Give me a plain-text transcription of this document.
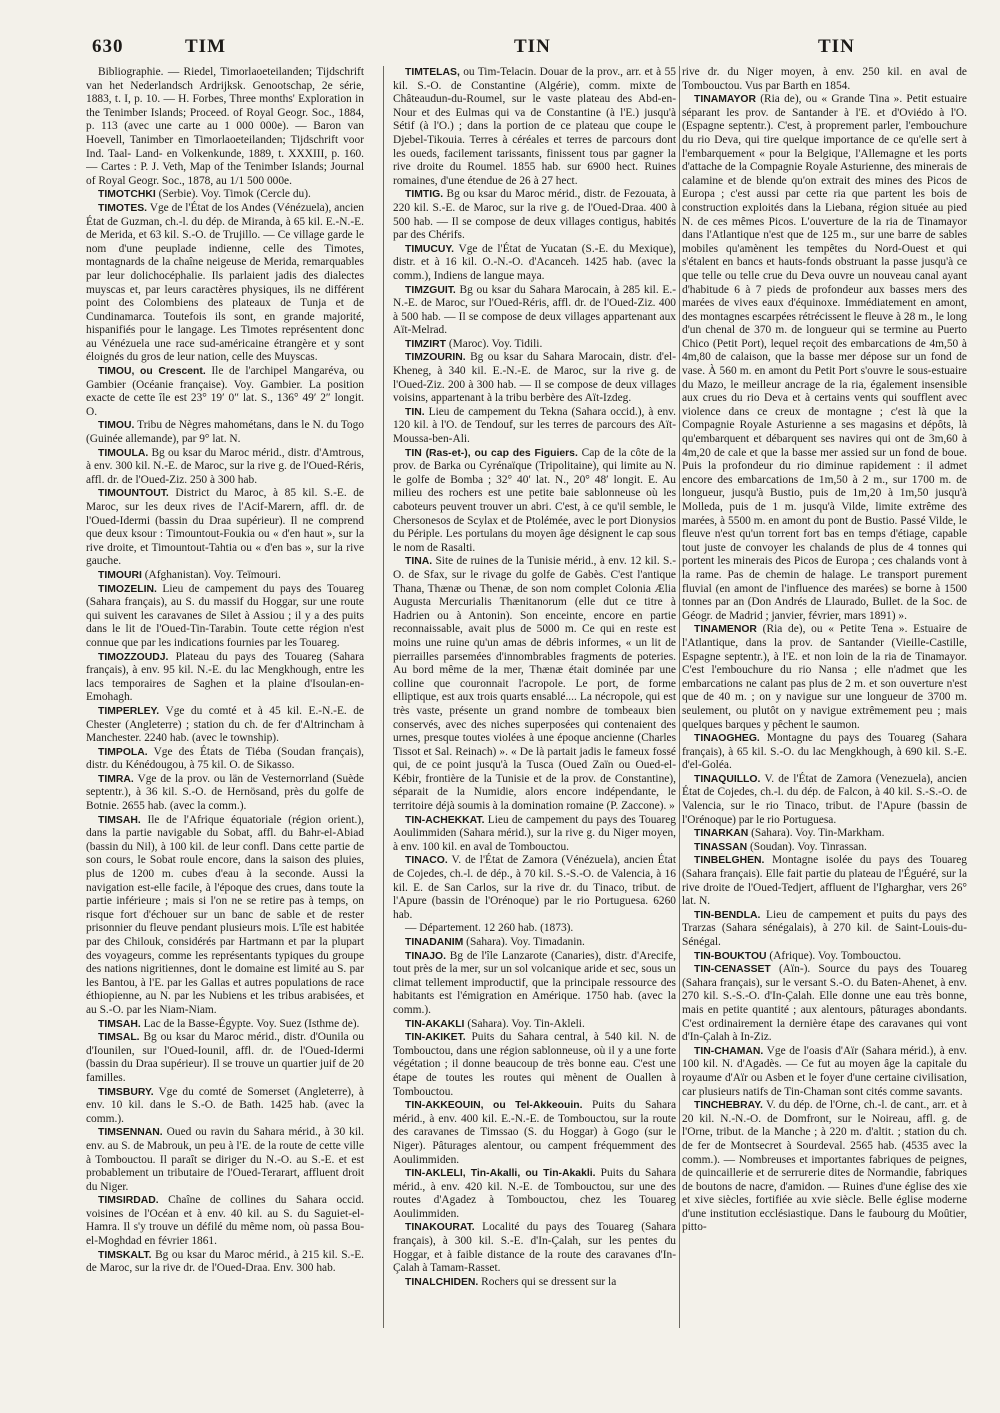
630	TIM	TIN	TIN

Bibliographie. — Riedel, Timorlaoeteilanden; Tijdschrift van het Nederlandsch Ardrijksk. Genootschap, 2e série, 1883, t. I, p. 10. — H. Forbes, Three months' Exploration in the Tenimber Islands; Proceed. of Royal Geogr. Soc., 1884, p. 113 (avec une carte au 1 000 000e). — Baron van Hoevell, Tanimber en Timorlaoeteilanden; Tijdschrift voor Ind. Taal- Land- en Volkenkunde, 1889, t. XXXIII, p. 160. — Cartes : P. J. Veth, Map of the Tenimber Islands; Journal of Royal Geogr. Soc., 1878, au 1/1 500 000e.

TIMOTCHKI (Serbie). Voy. Timok (Cercle du).

TIMOTES. Vge de l'État de los Andes (Vénézuela), ancien État de Guzman, ch.-l. du dép. de Miranda, à 65 kil. E.-N.-E. de Merida, et 63 kil. S.-O. de Trujillo. — Ce village garde le nom d'une peuplade indienne, celle des Timotes, montagnards de la chaîne neigeuse de Merida, remarquables par leur dolichocéphalie. Ils parlaient jadis des dialectes muyscas et, par leurs caractères physiques, ils ne différent point des Colombiens des plateaux de Tunja et de Cundinamarca. Toutefois ils sont, en grande majorité, hispanifiés pour le langage. Les Timotes représentent donc au Vénézuela une race sud-américaine étrangère et y sont éloignés du gros de leur nation, celle des Muyscas.

TIMOU, ou Crescent. Ile de l'archipel Mangaréva, ou Gambier (Océanie française). Voy. Gambier. La position exacte de cette île est 23° 19′ 0″ lat. S., 136° 49′ 2″ longit. O.

TIMOU. Tribu de Nègres mahométans, dans le N. du Togo (Guinée allemande), par 9° lat. N.

TIMOULA. Bg ou ksar du Maroc mérid., distr. d'Amtrous, à env. 300 kil. N.-E. de Maroc, sur la rive g. de l'Oued-Réris, affl. dr. de l'Oued-Ziz. 250 à 300 hab.

TIMOUNTOUT. District du Maroc, à 85 kil. S.-E. de Maroc, sur les deux rives de l'Acif-Marern, affl. dr. de l'Oued-Idermi (bassin du Draa supérieur). Il ne comprend que deux ksour : Timountout-Foukia ou « d'en haut », sur la rive droite, et Timountout-Tahtia ou « d'en bas », sur la rive gauche.

TIMOURI (Afghanistan). Voy. Teïmouri.

TIMOZELIN. Lieu de campement du pays des Touareg (Sahara français), au S. du massif du Hoggar, sur une route qui suivent les caravanes de Silet à Assiou ; il y a des puits dans le lit de l'Oued-Tin-Tarabin. Toute cette région n'est connue que par les indications fournies par les Touareg.

TIMOZZOUDJ. Plateau du pays des Touareg (Sahara français), à env. 95 kil. N.-E. du lac Mengkhough, entre les lacs temporaires de Saghen et la plaine d'Isoulan-en-Emohagh.

TIMPERLEY. Vge du comté et à 45 kil. E.-N.-E. de Chester (Angleterre) ; station du ch. de fer d'Altrincham à Manchester. 2240 hab. (avec le township).

TIMPOLA. Vge des États de Tiéba (Soudan français), distr. du Kénédougou, à 75 kil. O. de Sikasso.

TIMRA. Vge de la prov. ou län de Vesternorrland (Suède septentr.), à 36 kil. S.-O. de Hernösand, près du golfe de Botnie. 2655 hab. (avec la comm.).

TIMSAH. Ile de l'Afrique équatoriale (région orient.), dans la partie navigable du Sobat, affl. du Bahr-el-Abiad (bassin du Nil), à 100 kil. de leur confl. Dans cette partie de son cours, le Sobat roule encore, dans la saison des pluies, plus de 1200 m. cubes d'eau à la seconde. Aussi la navigation est-elle facile, à l'époque des crues, dans toute la partie inférieure ; mais si l'on ne se retire pas à temps, on risque fort d'échouer sur un banc de sable et de rester prisonnier du fleuve pendant plusieurs mois. L'île est habitée par des Chilouk, considérés par Hartmann et par la plupart des voyageurs, comme les représentants typiques du groupe des nations nigritiennes, dont le domaine est limité au S. par les Bantou, à l'E. par les Gallas et autres populations de race éthiopienne, au N. par les Nubiens et les tribus arabisées, et au S.-O. par les Niam-Niam.

TIMSAH. Lac de la Basse-Égypte. Voy. Suez (Isthme de).

TIMSAL. Bg ou ksar du Maroc mérid., distr. d'Ounila ou d'Iounilen, sur l'Oued-Iounil, affl. dr. de l'Oued-Idermi (bassin du Draa supérieur). Il se trouve un quartier juif de 20 familles.

TIMSBURY. Vge du comté de Somerset (Angleterre), à env. 10 kil. dans le S.-O. de Bath. 1425 hab. (avec la comm.).

TIMSENNAN. Oued ou ravin du Sahara mérid., à 30 kil. env. au S. de Mabrouk, un peu à l'E. de la route de cette ville à Tombouctou. Il paraît se diriger du N.-O. au S.-E. et est probablement un tributaire de l'Oued-Terarart, affluent droit du Niger.

TIMSIRDAD. Chaîne de collines du Sahara occid. voisines de l'Océan et à env. 40 kil. au S. du Saguiet-el-Hamra. Il s'y trouve un défilé du même nom, où passa Bou-el-Moghdad en février 1861.

TIMSKALT. Bg ou ksar du Maroc mérid., à 215 kil. S.-E. de Maroc, sur la rive dr. de l'Oued-Draa. Env. 300 hab.

TIMTELAS, ou Tim-Telacin. Douar de la prov., arr. et à 55 kil. S.-O. de Constantine (Algérie), comm. mixte de Châteaudun-du-Roumel, sur le vaste plateau des Abd-en-Nour et des Eulmas qui va de Constantine (à l'E.) jusqu'à Sétif (à l'O.) ; dans la portion de ce plateau que coupe le Djebel-Tikouia. Terres à céréales et terres de parcours dont les oueds, facilement tarissants, finissent tous par gagner la rive droite du Roumel. 1855 hab. sur 6900 hect. Ruines romaines, d'une étendue de 26 à 27 hect.

TIMTIG. Bg ou ksar du Maroc mérid., distr. de Fezouata, à 220 kil. S.-E. de Maroc, sur la rive g. de l'Oued-Draa. 400 à 500 hab. — Il se compose de deux villages contigus, habités par des Chérifs.

TIMUCUY. Vge de l'État de Yucatan (S.-E. du Mexique), distr. et à 16 kil. O.-N.-O. d'Acanceh. 1425 hab. (avec la comm.), Indiens de langue maya.

TIMZGUIT. Bg ou ksar du Sahara Marocain, à 285 kil. E.-N.-E. de Maroc, sur l'Oued-Réris, affl. dr. de l'Oued-Ziz. 400 à 500 hab. — Il se compose de deux villages appartenant aux Aït-Melrad.

TIMZIRT (Maroc). Voy. Tidili.

TIMZOURIN. Bg ou ksar du Sahara Marocain, distr. d'el-Kheneg, à 340 kil. E.-N.-E. de Maroc, sur la rive g. de l'Oued-Ziz. 200 à 300 hab. — Il se compose de deux villages voisins, appartenant à la tribu berbère des Aït-Izdeg.

TIN. Lieu de campement du Tekna (Sahara occid.), à env. 120 kil. à l'O. de Tendouf, sur les terres de parcours des Aït-Moussa-ben-Ali.

TIN (Ras-et-), ou cap des Figuiers. Cap de la côte de la prov. de Barka ou Cyrénaïque (Tripolitaine), qui limite au N. le golfe de Bomba ; 32° 40′ lat. N., 20° 48′ longit. E. Au milieu des rochers est une petite baie sablonneuse où les caboteurs peuvent trouver un abri. C'est, à ce qu'il semble, le Chersonesos de Scylax et de Ptolémée, avec le port Dionysios du Périple. Les portulans du moyen âge désignent le cap sous le nom de Rasalti.

TINA. Site de ruines de la Tunisie mérid., à env. 12 kil. S.-O. de Sfax, sur le rivage du golfe de Gabès. C'est l'antique Thana, Thænæ ou Thenæ, de son nom complet Colonia Ælia Augusta Mercurialis Thænitanorum (elle dut ce titre à Hadrien ou à Antonin). Son enceinte, encore en partie reconnaissable, avait plus de 5000 m. Ce qui en reste est moins une ruine qu'un amas de débris informes, « un lit de pierrailles parsemées d'innombrables fragments de poteries. Au bord même de la mer, Thænæ était dominée par une colline que couronnait l'acropole. Le port, de forme elliptique, est aux trois quarts ensablé.... La nécropole, qui est très vaste, présente un grand nombre de tombeaux bien conservés, avec des niches superposées qui contenaient des urnes, presque toutes violées à une époque ancienne (Charles Tissot et Sal. Reinach) ». « De là partait jadis le fameux fossé qui, de ce point jusqu'à la Tusca (Oued Zaïn ou Oued-el-Kébir, frontière de la Tunisie et de la prov. de Constantine), séparait de la Numidie, alors encore indépendante, le territoire déjà soumis à la domination romaine (P. Zaccone). »

TIN-ACHEKKAT. Lieu de campement du pays des Touareg Aoulimmiden (Sahara mérid.), sur la rive g. du Niger moyen, à env. 100 kil. en aval de Tombouctou.

TINACO. V. de l'État de Zamora (Vénézuela), ancien État de Cojedes, ch.-l. de dép., à 70 kil. S.-S.-O. de Valencia, à 16 kil. E. de San Carlos, sur la rive dr. du Tinaco, tribut. de l'Apure (bassin de l'Orénoque) par le rio Portuguesa. 6260 hab.

— Département. 12 260 hab. (1873).

TINADANIM (Sahara). Voy. Timadanin.

TINAJO. Bg de l'île Lanzarote (Canaries), distr. d'Arecife, tout près de la mer, sur un sol volcanique aride et sec, sous un climat tellement improductif, que la principale ressource des habitants est l'émigration en Amérique. 1750 hab. (avec la comm.).

TIN-AKAKLI (Sahara). Voy. Tin-Akleli.

TIN-AKIKET. Puits du Sahara central, à 540 kil. N. de Tombouctou, dans une région sablonneuse, où il y a une forte végétation ; il donne beaucoup de très bonne eau. C'est une étape de toutes les routes qui mènent de Ouallen à Tombouctou.

TIN-AKKEOUIN, ou Tel-Akkeouin. Puits du Sahara mérid., à env. 400 kil. E.-N.-E. de Tombouctou, sur la route des caravanes de Timssao (S. du Hoggar) à Gogo (sur le Niger). Pâturages alentour, ou campent fréquemment des Aoulimmiden.

TIN-AKLELI, Tin-Akalli, ou Tin-Akakli. Puits du Sahara mérid., à env. 420 kil. N.-E. de Tombouctou, sur une des routes d'Agadez à Tombouctou, chez les Touareg Aoulimmiden.

TINAKOURAT. Localité du pays des Touareg (Sahara français), à 300 kil. S.-E. d'In-Çalah, sur les pentes du Hoggar, et à faible distance de la route des caravanes d'In-Çalah à Tamam-Rasset.

TINALCHIDEN. Rochers qui se dressent sur la

rive dr. du Niger moyen, à env. 250 kil. en aval de Tombouctou. Vus par Barth en 1854.

TINAMAYOR (Ria de), ou « Grande Tina ». Petit estuaire séparant les prov. de Santander à l'E. et d'Oviédo à l'O. (Espagne septentr.). C'est, à proprement parler, l'embouchure du rio Deva, qui tire quelque importance de ce qu'elle sert à l'embarquement « pour la Belgique, l'Allemagne et les ports d'attache de la Compagnie Royale Asturienne, des minerais de calamine et de blende qu'on extrait des mines des Picos de Europa ; c'est aussi par cette ria que partent les bois de construction exploités dans la Liebana, région située au pied N. de ces mêmes Picos. L'ouverture de la ria de Tinamayor dans l'Atlantique n'est que de 125 m., sur une barre de sables mobiles qu'amènent les tempêtes du Nord-Ouest et qui s'étalent en bancs et hauts-fonds obstruant la passe jusqu'à ce que telle ou telle crue du Deva ouvre un nouveau canal ayant d'habitude 6 à 7 pieds de profondeur aux basses mers des marées de vives eaux d'équinoxe. Immédiatement en amont, des montagnes escarpées rétrécissent le fleuve à 28 m., le long d'un chenal de 370 m. de longueur qui se termine au Puerto Chico (Petit Port), lequel reçoit des embarcations de 4m,50 à 4m,80 de calaison, que la basse mer dépose sur un fond de vase. À 560 m. en amont du Petit Port s'ouvre le sous-estuaire du Mazo, le meilleur ancrage de la ria, également insensible aux crues du rio Deva et à certains vents qui soufflent avec violence dans ce creux de montagne ; c'est là que la Compagnie Royale Asturienne a ses magasins et dépôts, là qu'embarquent et débarquent ses navires qui ont de 3m,60 à 4m,20 de cale et que la basse mer assied sur un fond de boue. Puis la profondeur du rio diminue rapidement : il admet encore des embarcations de 1m,50 à 2 m., sur 1700 m. de longueur, jusqu'à Bustio, puis de 1m,20 à 1m,50 jusqu'à Molleda, puis de 1 m. jusqu'à Vilde, limite extrême des marées, à 5500 m. en amont du pont de Bustio. Passé Vilde, le fleuve n'est qu'un torrent fort bas en temps d'étiage, capable tout juste de convoyer les chalands de plus de 4 tonnes qui portent les minerais des Picos de Europa ; ces chalands vont à la rame. Pas de chemin de halage. Le transport purement fluvial (en amont de l'influence des marées) se borne à 1500 tonnes par an (Don Andrés de Llaurado, Bullet. de la Soc. de Géogr. de Madrid ; janvier, février, mars 1891) ».

TINAMENOR (Ria de), ou « Petite Tena ». Estuaire de l'Atlantique, dans la prov. de Santander (Vieille-Castille, Espagne septentr.), à l'E. et non loin de la ria de Tinamayor. C'est l'embouchure du rio Nansa ; elle n'admet que les embarcations ne calant pas plus de 2 m. et son ouverture n'est que de 40 m. ; on y navigue sur une longueur de 3700 m. seulement, ou plutôt on y navigue extrêmement peu ; mais quelques barques y pêchent le saumon.

TINAOGHEG. Montagne du pays des Touareg (Sahara français), à 65 kil. S.-O. du lac Mengkhough, à 690 kil. S.-E. d'el-Goléa.

TINAQUILLO. V. de l'État de Zamora (Venezuela), ancien État de Cojedes, ch.-l. du dép. de Falcon, à 40 kil. S.-S.-O. de Valencia, sur le rio Tinaco, tribut. de l'Apure (bassin de l'Orénoque) par le rio Portuguesa.

TINARKAN (Sahara). Voy. Tin-Markham.

TINASSAN (Soudan). Voy. Tinrassan.

TINBELGHEN. Montagne isolée du pays des Touareg (Sahara français). Elle fait partie du plateau de l'Éguéré, sur la rive droite de l'Oued-Tedjert, affluent de l'Igharghar, vers 26° lat. N.

TIN-BENDLA. Lieu de campement et puits du pays des Trarzas (Sahara sénégalais), à 270 kil. de Saint-Louis-du-Sénégal.

TIN-BOUKTOU (Afrique). Voy. Tombouctou.

TIN-CENASSET (Aïn-). Source du pays des Touareg (Sahara français), sur le versant S.-O. du Baten-Ahenet, à env. 270 kil. S.-S.-O. d'In-Çalah. Elle donne une eau très bonne, mais en petite quantité ; aux alentours, pâturages abondants. C'est ordinairement la dernière étape des caravanes qui vont d'In-Çalah à In-Ziz.

TIN-CHAMAN. Vge de l'oasis d'Aïr (Sahara mérid.), à env. 100 kil. N. d'Agadès. — Ce fut au moyen âge la capitale du royaume d'Aïr ou Asben et le foyer d'une certaine civilisation, car plusieurs natifs de Tin-Chaman sont cités comme savants.

TINCHEBRAY. V. du dép. de l'Orne, ch.-l. de cant., arr. et à 20 kil. N.-N.-O. de Domfront, sur le Noireau, affl. g. de l'Orne, tribut. de la Manche ; à 220 m. d'altit. ; station du ch. de fer de Montsecret à Sourdeval. 2565 hab. (4535 avec la comm.). — Nombreuses et importantes fabriques de peignes, de quincaillerie et de serrurerie dites de Normandie, fabriques de boutons de nacre, d'amidon. — Ruines d'une église des xie et xive siècles, fortifiée au xvie siècle. Belle église moderne d'une institution ecclésiastique. Dans le faubourg du Moûtier, pitto-
